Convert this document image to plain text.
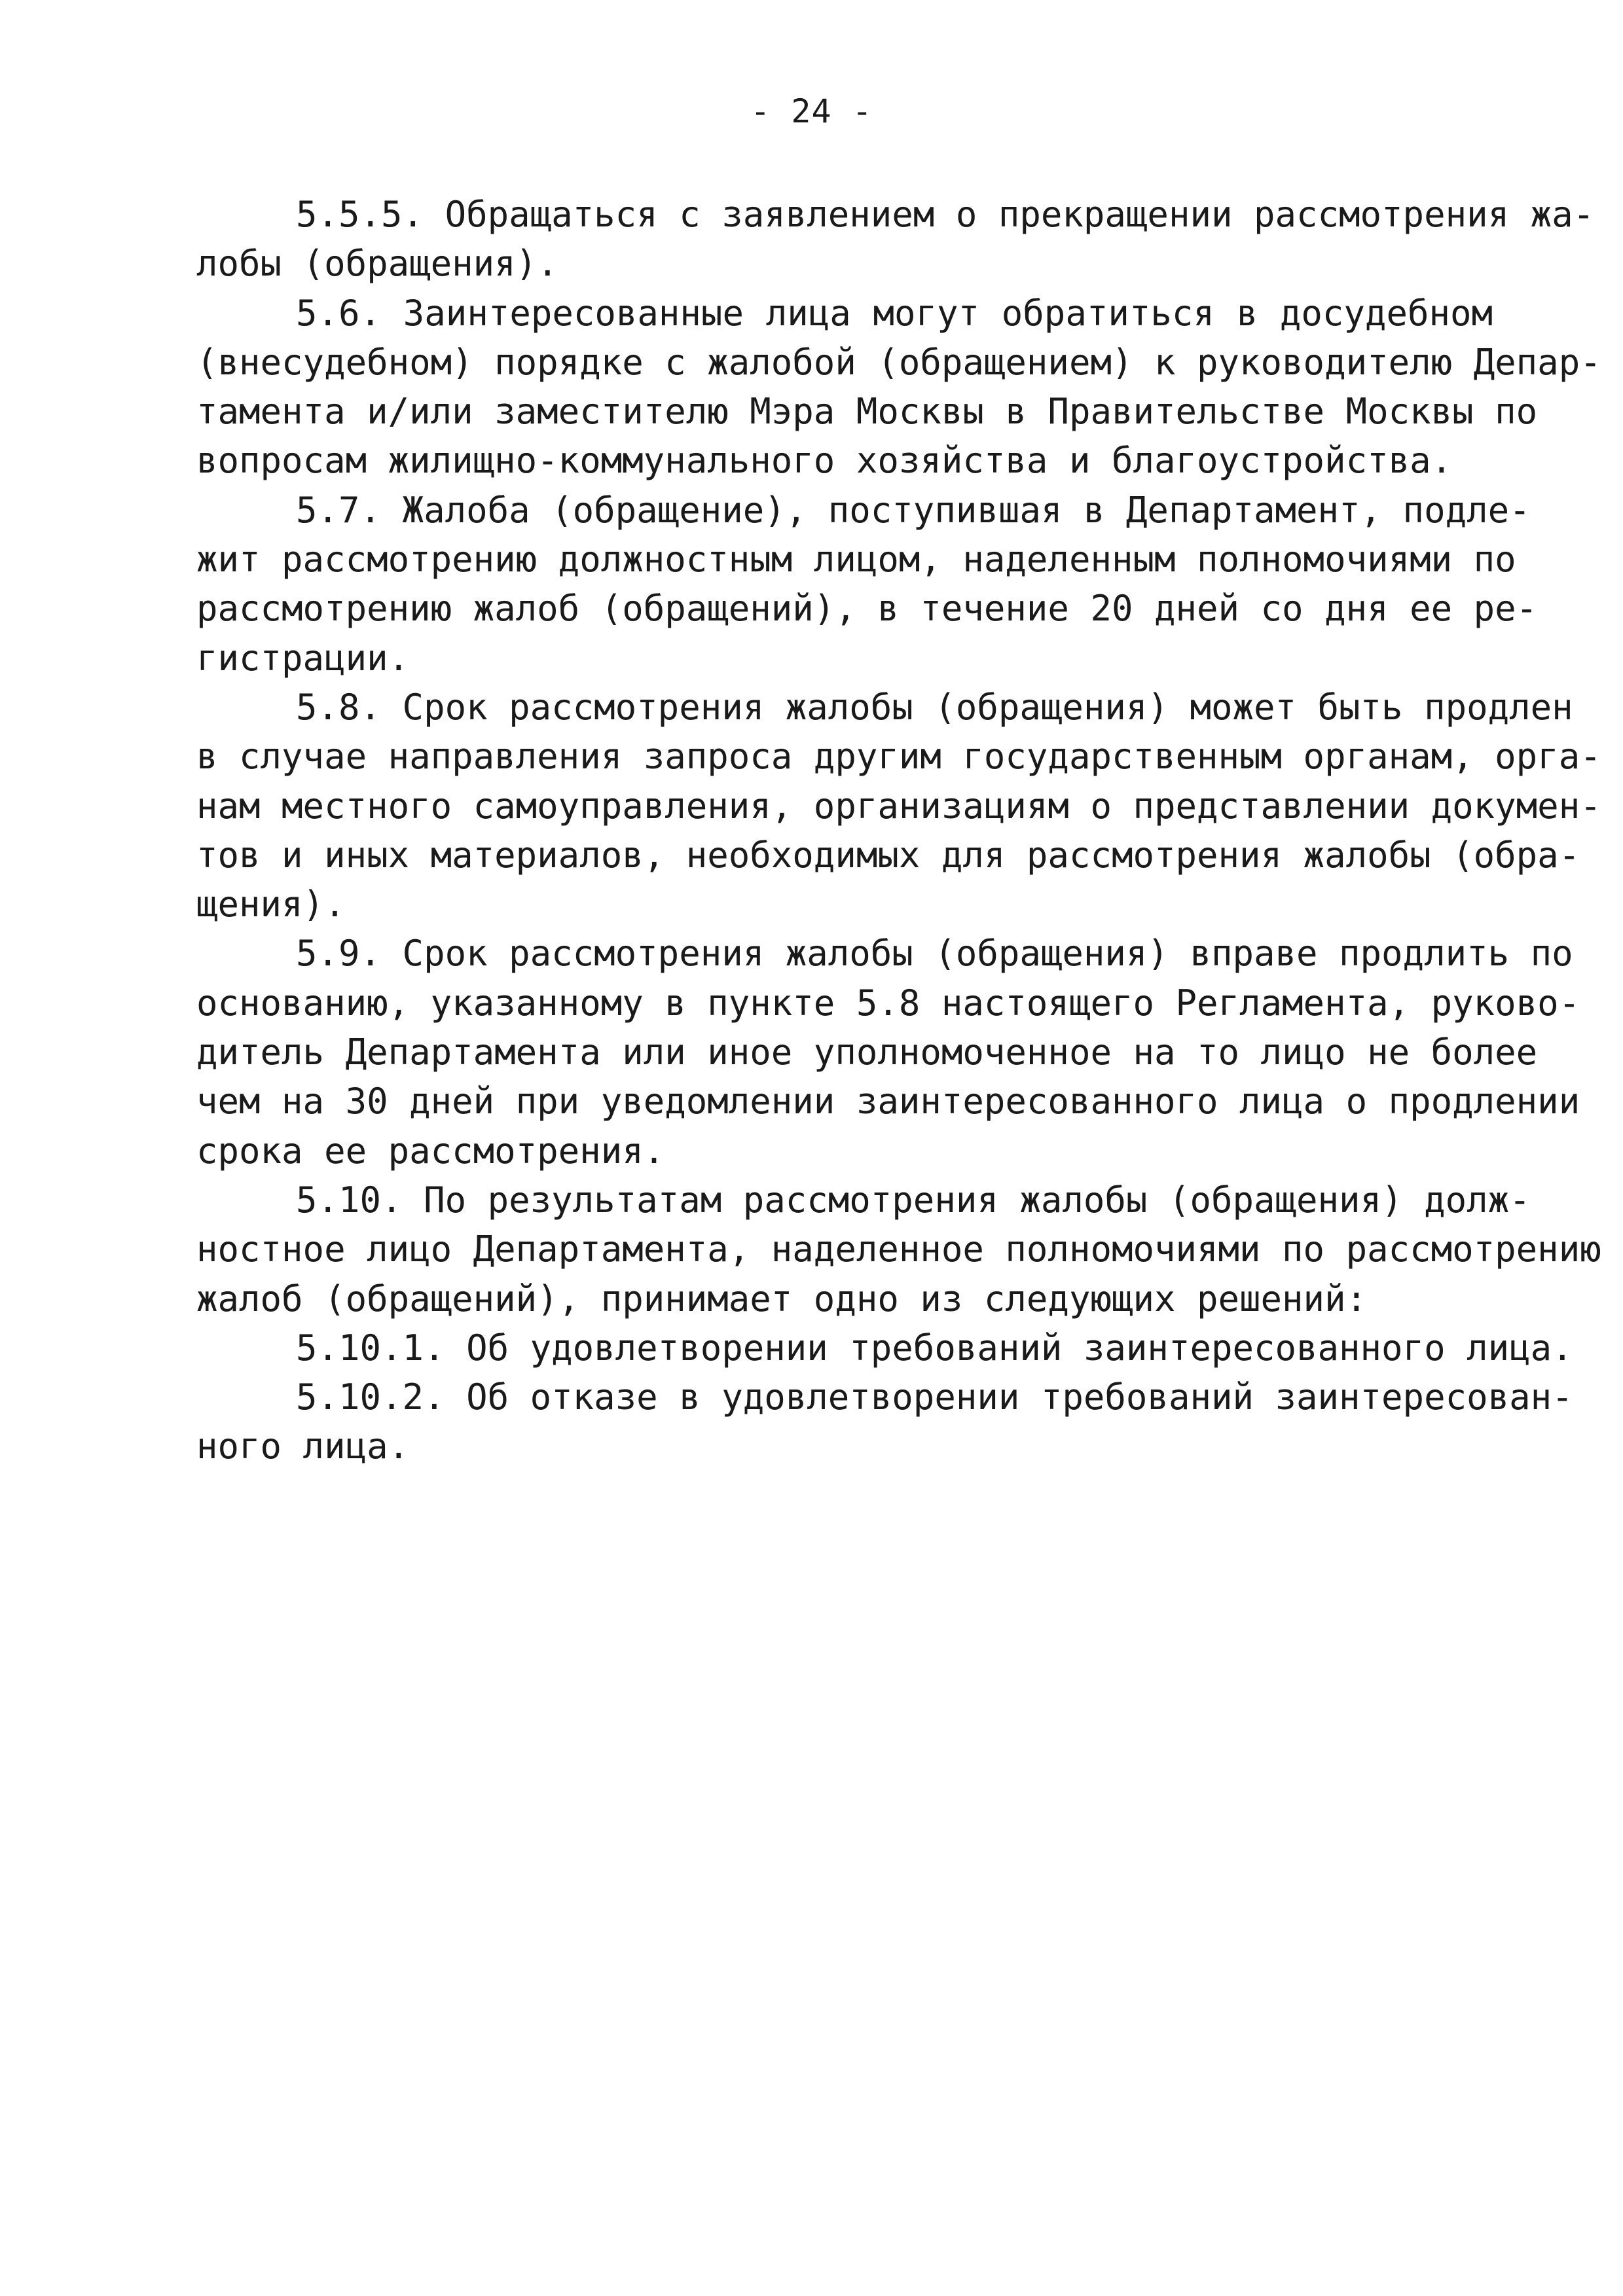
- 24 -
5.5.5. Обращаться с заявлением о прекращении рассмотрения жа-
лобы (обращения).
5.6. Заинтересованные лица могут обратиться в досудебном
(внесудебном) порядке с жалобой (обращением) к руководителю Депар-
тамента и/или заместителю Мэра Москвы в Правительстве Москвы по
вопросам жилищно-коммунального хозяйства и благоустройства.
5.7. Жалоба (обращение), поступившая в Департамент, подле-
жит рассмотрению должностным лицом, наделенным полномочиями по
рассмотрению жалоб (обращений), в течение 20 дней со дня ее ре-
гистрации.
5.8. Срок рассмотрения жалобы (обращения) может быть продлен
в случае направления запроса другим государственным органам, орга-
нам местного самоуправления, организациям о представлении докумен-
тов и иных материалов, необходимых для рассмотрения жалобы (обра-
щения).
5.9. Срок рассмотрения жалобы (обращения) вправе продлить по
основанию, указанному в пункте 5.8 настоящего Регламента, руково-
дитель Департамента или иное уполномоченное на то лицо не более
чем на 30 дней при уведомлении заинтересованного лица о продлении
срока ее рассмотрения.
5.10. По результатам рассмотрения жалобы (обращения) долж-
ностное лицо Департамента, наделенное полномочиями по рассмотрению
жалоб (обращений), принимает одно из следующих решений:
5.10.1. Об удовлетворении требований заинтересованного лица.
5.10.2. Об отказе в удовлетворении требований заинтересован-
ного лица.
